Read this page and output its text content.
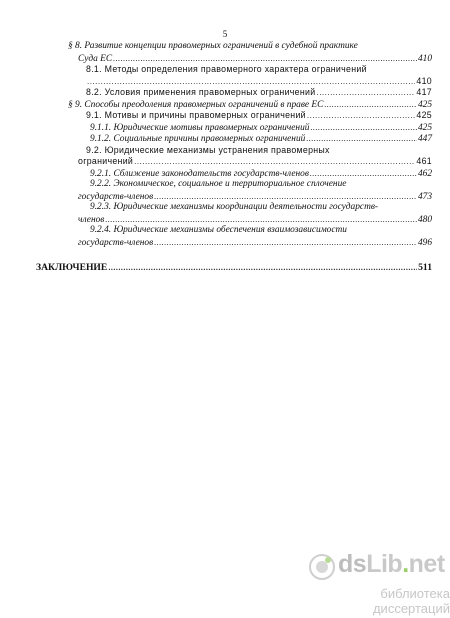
5
§ 8. Развитие концепции правомерных ограничений в судебной практике
Суда ЕС .....	410
8.1. Методы определения правомерного характера ограничений
.....
410
8.2. Условия применения правомерных ограничений .....	417
§ 9. Способы преодоления правомерных ограничений в праве ЕС .....	425
9.1. Мотивы и причины правомерных ограничений .....	425
9.1.1. Юридические мотивы правомерных ограничений .....	425
9.1.2. Социальные причины правомерных ограничений .....	447
9.2. Юридические механизмы устранения правомерных
ограничений .....	461
9.2.1. Сближение законодательств государств-членов .....	462
9.2.2. Экономическое, социальное и территориальное сплочение
государств-членов .....	473
9.2.3. Юридические механизмы координации деятельности государств-
членов .....	480
9.2.4. Юридические механизмы обеспечения взаимозависимости
государств-членов .....	496
ЗАКЛЮЧЕНИЕ .....	511
dsLib.net
библиотека диссертаций
